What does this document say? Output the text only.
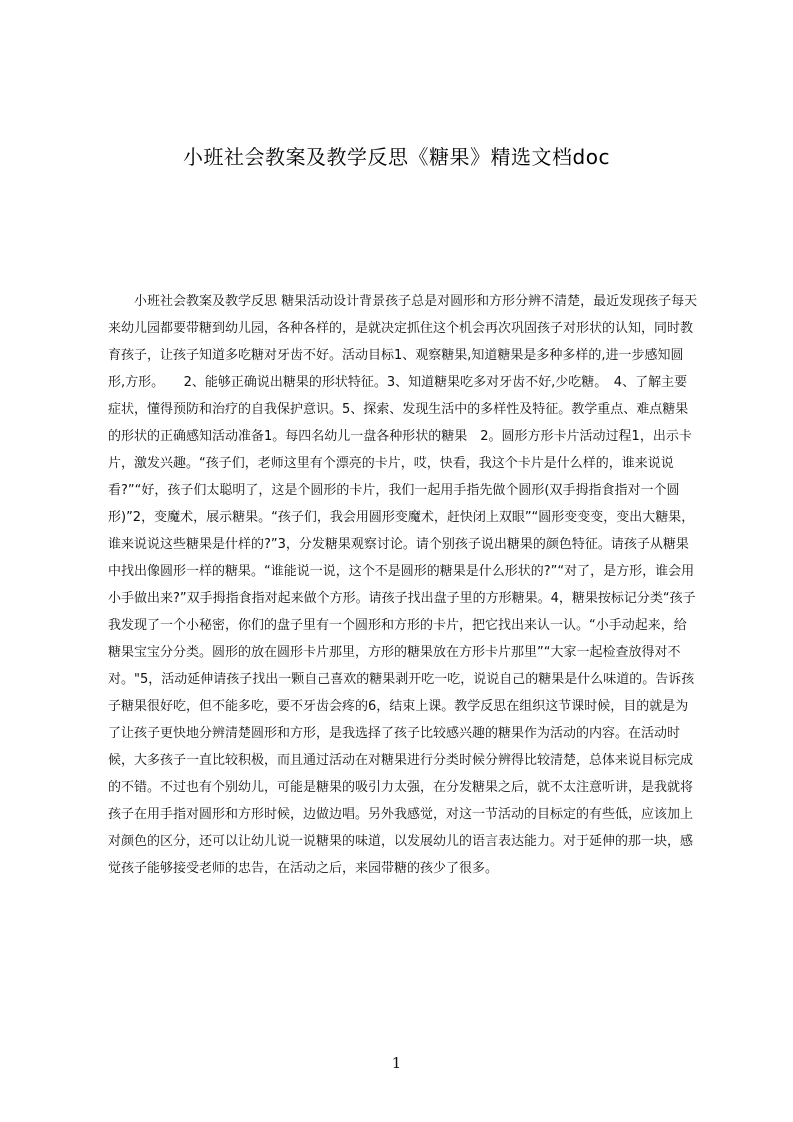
小班社会教案及教学反思《糖果》精选文档doc
小班社会教案及教学反思 糖果活动设计背景孩子总是对圆形和方形分辨不清楚，最近发现孩子每天来幼儿园都要带糖到幼儿园，各种各样的，是就决定抓住这个机会再次巩固孩子对形状的认知，同时教育孩子，让孩子知道多吃糖对牙齿不好。活动目标1、观察糖果,知道糖果是多种多样的,进一步感知圆形,方形。　　2、能够正确说出糖果的形状特征。3、知道糖果吃多对牙齿不好,少吃糖。　4、了解主要症状，懂得预防和治疗的自我保护意识。5、探索、发现生活中的多样性及特征。教学重点、难点糖果的形状的正确感知活动准备1。每四名幼儿一盘各种形状的糖果　2。圆形方形卡片活动过程1，出示卡片，激发兴趣。“孩子们，老师这里有个漂亮的卡片，哎，快看，我这个卡片是什么样的，谁来说说看?”“好，孩子们太聪明了，这是个圆形的卡片，我们一起用手指先做个圆形(双手拇指食指对一个圆形)”2，变魔术，展示糖果。“孩子们，我会用圆形变魔术，赶快闭上双眼”“圆形变变变，变出大糖果，谁来说说这些糖果是什样的?”3，分发糖果观察讨论。请个别孩子说出糖果的颜色特征。请孩子从糖果中找出像圆形一样的糖果。“谁能说一说，这个不是圆形的糖果是什么形状的?”“对了，是方形，谁会用小手做出来?”双手拇指食指对起来做个方形。请孩子找出盘子里的方形糖果。4，糖果按标记分类“孩子我发现了一个小秘密，你们的盘子里有一个圆形和方形的卡片，把它找出来认一认。“小手动起来，给糖果宝宝分分类。圆形的放在圆形卡片那里，方形的糖果放在方形卡片那里”“大家一起检查放得对不对。"5，活动延伸请孩子找出一颗自己喜欢的糖果剥开吃一吃，说说自己的糖果是什么味道的。告诉孩子糖果很好吃，但不能多吃，要不牙齿会疼的6，结束上课。教学反思在组织这节课时候，目的就是为了让孩子更快地分辨清楚圆形和方形，是我选择了孩子比较感兴趣的糖果作为活动的内容。在活动时候，大多孩子一直比较积极，而且通过活动在对糖果进行分类时候分辨得比较清楚，总体来说目标完成的不错。不过也有个别幼儿，可能是糖果的吸引力太强，在分发糖果之后，就不太注意听讲，是我就将孩子在用手指对圆形和方形时候，边做边唱。另外我感觉，对这一节活动的目标定的有些低，应该加上对颜色的区分，还可以让幼儿说一说糖果的味道，以发展幼儿的语言表达能力。对于延伸的那一块，感觉孩子能够接受老师的忠告，在活动之后，来园带糖的孩少了很多。
1
